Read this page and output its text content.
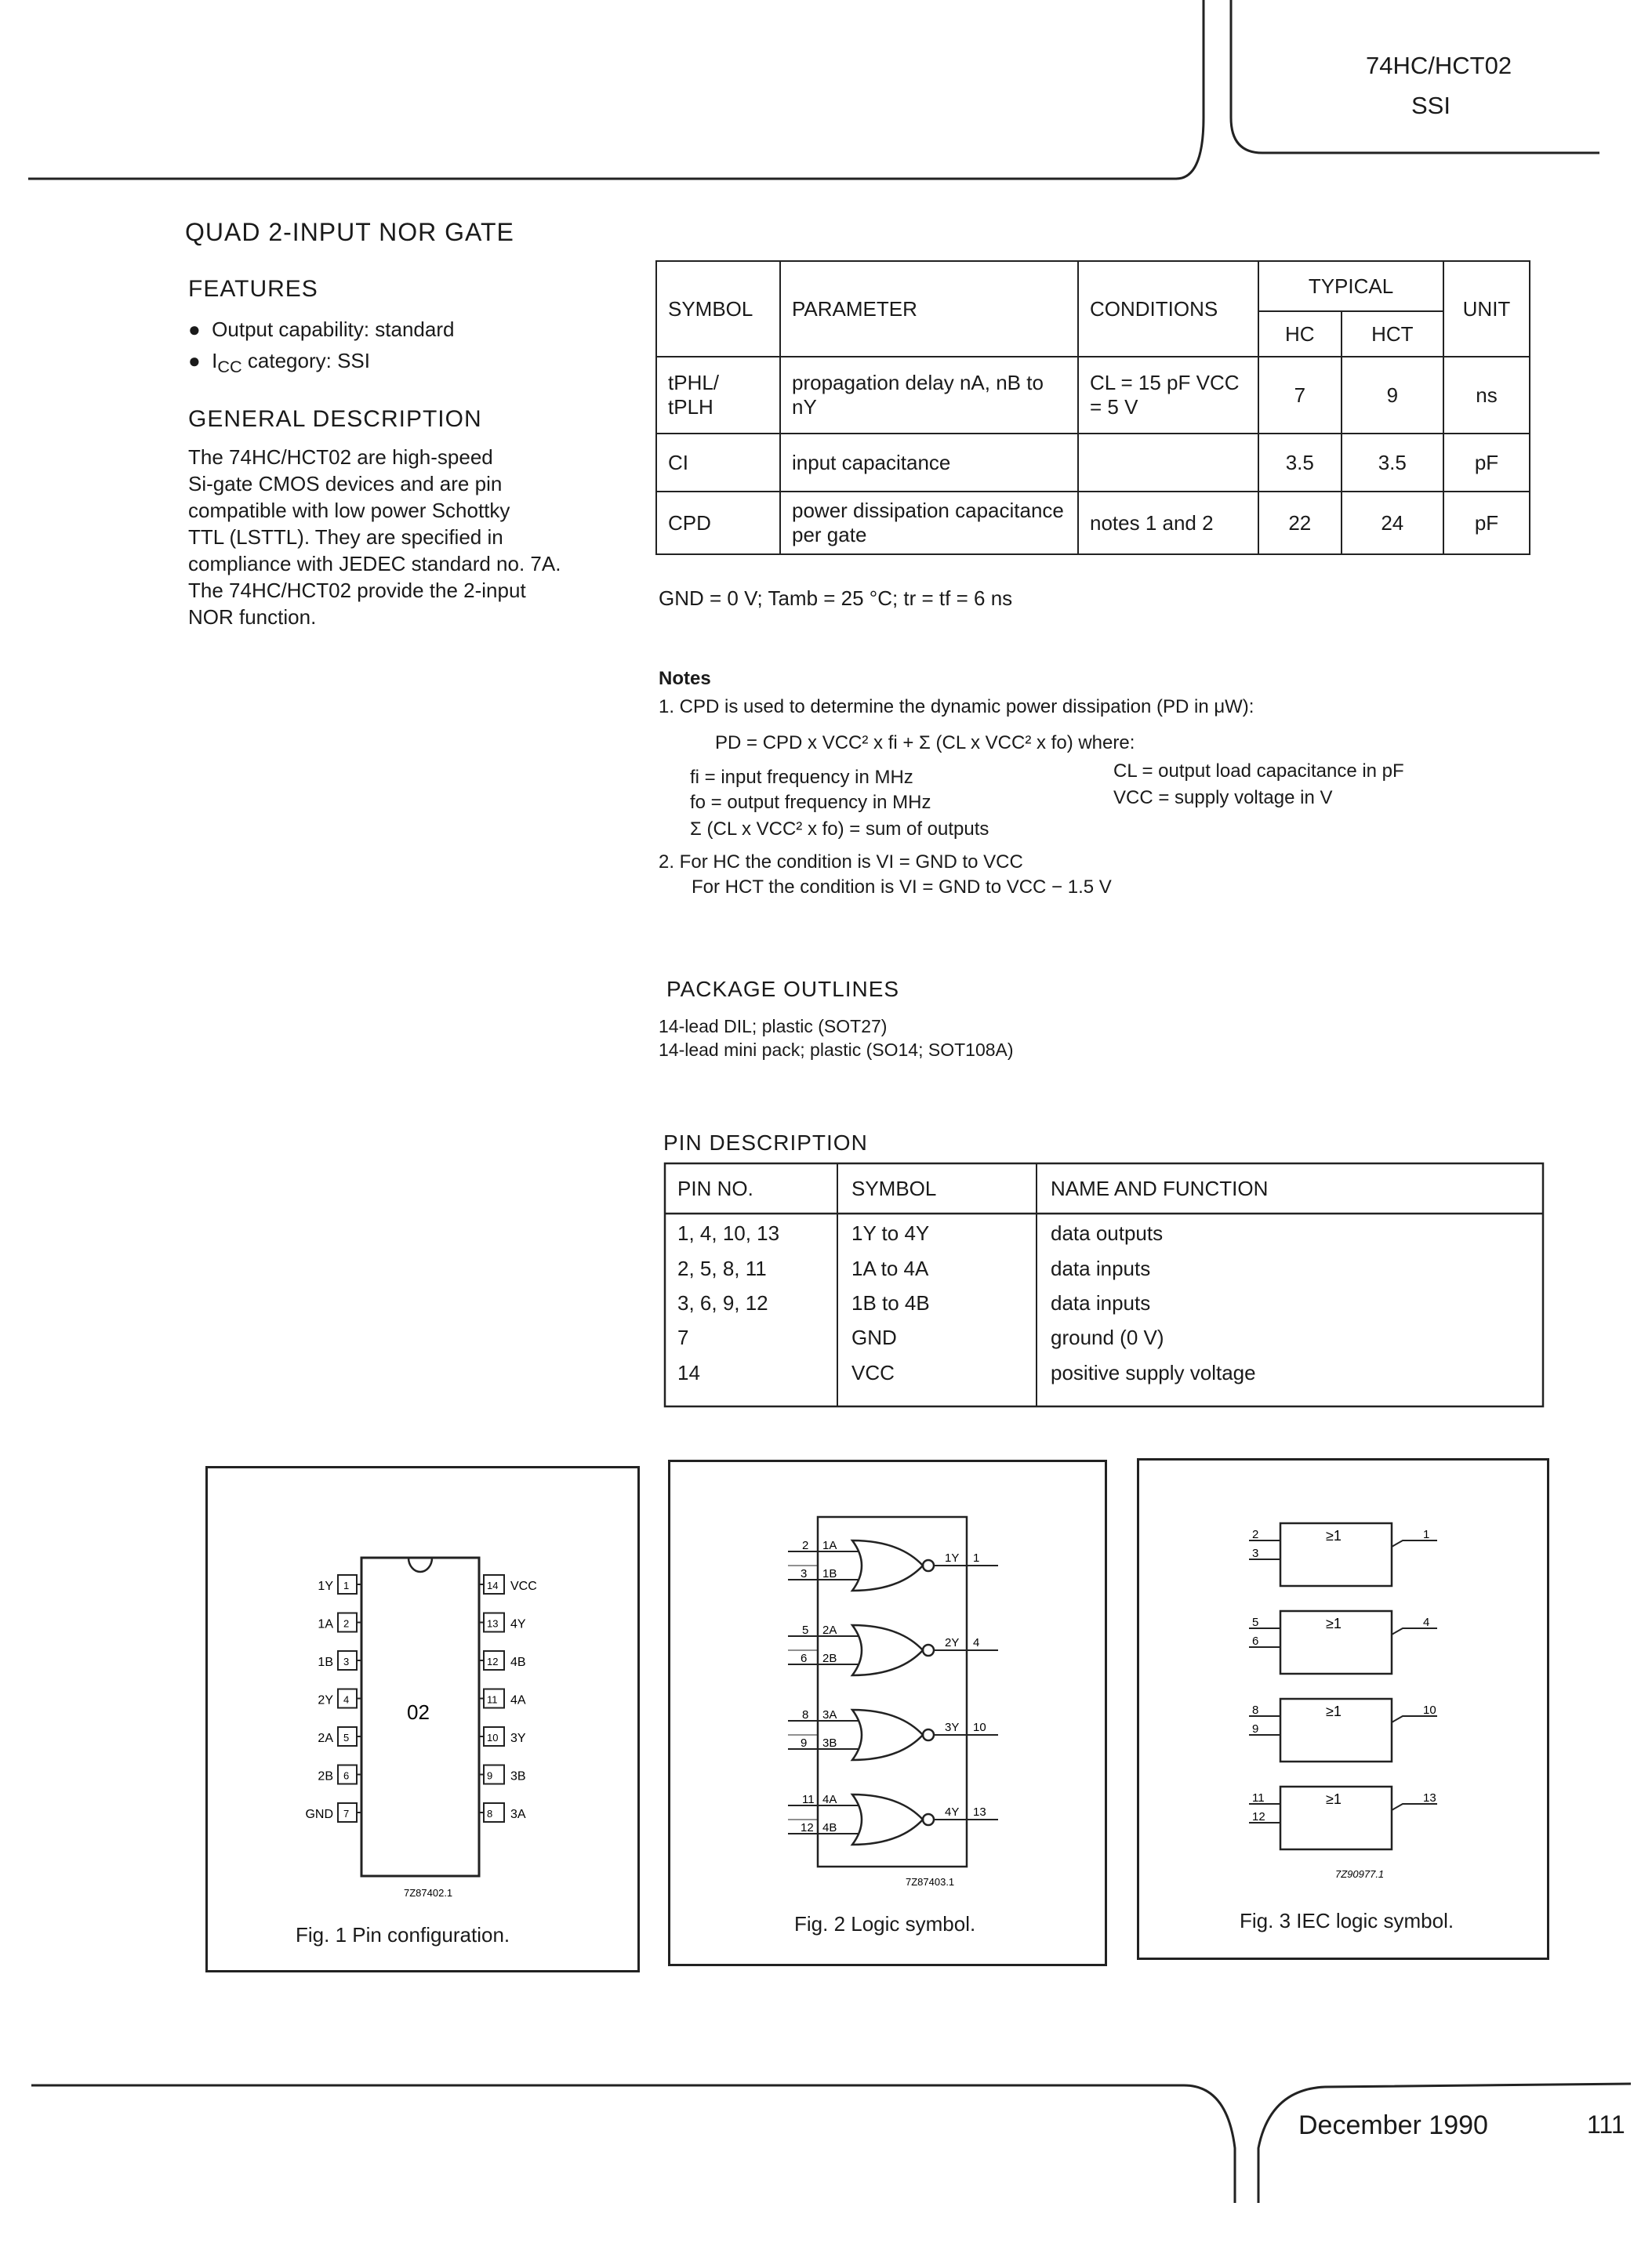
74HC/HCT02
SSI
QUAD 2-INPUT NOR GATE
FEATURES
●  Output capability: standard
●  $I_{CC}$ category: SSI
GENERAL DESCRIPTION
The 74HC/HCT02 are high-speed
Si-gate CMOS devices and are pin
compatible with low power Schottky
TTL (LSTTL). They are specified in
compliance with JEDEC standard no. 7A.
The 74HC/HCT02 provide the 2-input
NOR function.
SYMBOL	PARAMETER	CONDITIONS	TYPICAL		UNIT
			HC	HCT	
tPHL/ tPLH	propagation delay nA, nB to nY	CL = 15 pF VCC = 5 V	7	9	ns
CI	input capacitance		3.5	3.5	pF
CPD	power dissipation capacitance per gate	notes 1 and 2	22	24	pF
GND = 0 V; Tamb = 25 °C; tr = tf = 6 ns
Notes
1. CPD is used to determine the dynamic power dissipation (PD in μW):
PD = CPD x VCC² x fi + Σ (CL x VCC² x fo) where:
fi = input frequency in MHz
fo = output frequency in MHz
CL = output load capacitance in pF
VCC = supply voltage in V
Σ (CL x VCC² x fo) = sum of outputs
2. For HC the condition is VI = GND to VCC
For HCT the condition is VI = GND to VCC − 1.5 V
PACKAGE OUTLINES
14-lead DIL; plastic (SOT27)
14-lead mini pack; plastic (SO14; SOT108A)
PIN DESCRIPTION
PIN NO.	SYMBOL	NAME AND FUNCTION
1, 4, 10, 13	1Y to 4Y	data outputs
2, 5, 8, 11	1A to 4A	data inputs
3, 6, 9, 12	1B to 4B	data inputs
7	GND	ground (0 V)
14	VCC	positive supply voltage
02
7Z87402.1
1
1Y	14 VCC
2
1A	13 4Y
3
1B	12 4B
4
2Y	11 4A
5
2A	10 3Y
6
2B	9 3B
7
GND	8 3A
Fig. 1 Pin configuration.
7Z87403.1
2
3
1A
1B
1Y 1
5
6
2A
2B
2Y 4
8
9
3A
3B
3Y 10
11
12
4A
4B
4Y 13
Fig. 2 Logic symbol.
7Z90977.1
≥1
2
3
1
≥1
5
6
4
≥1
8
9
10
≥1
11
12
13
Fig. 3 IEC logic symbol.
December 1990	111
